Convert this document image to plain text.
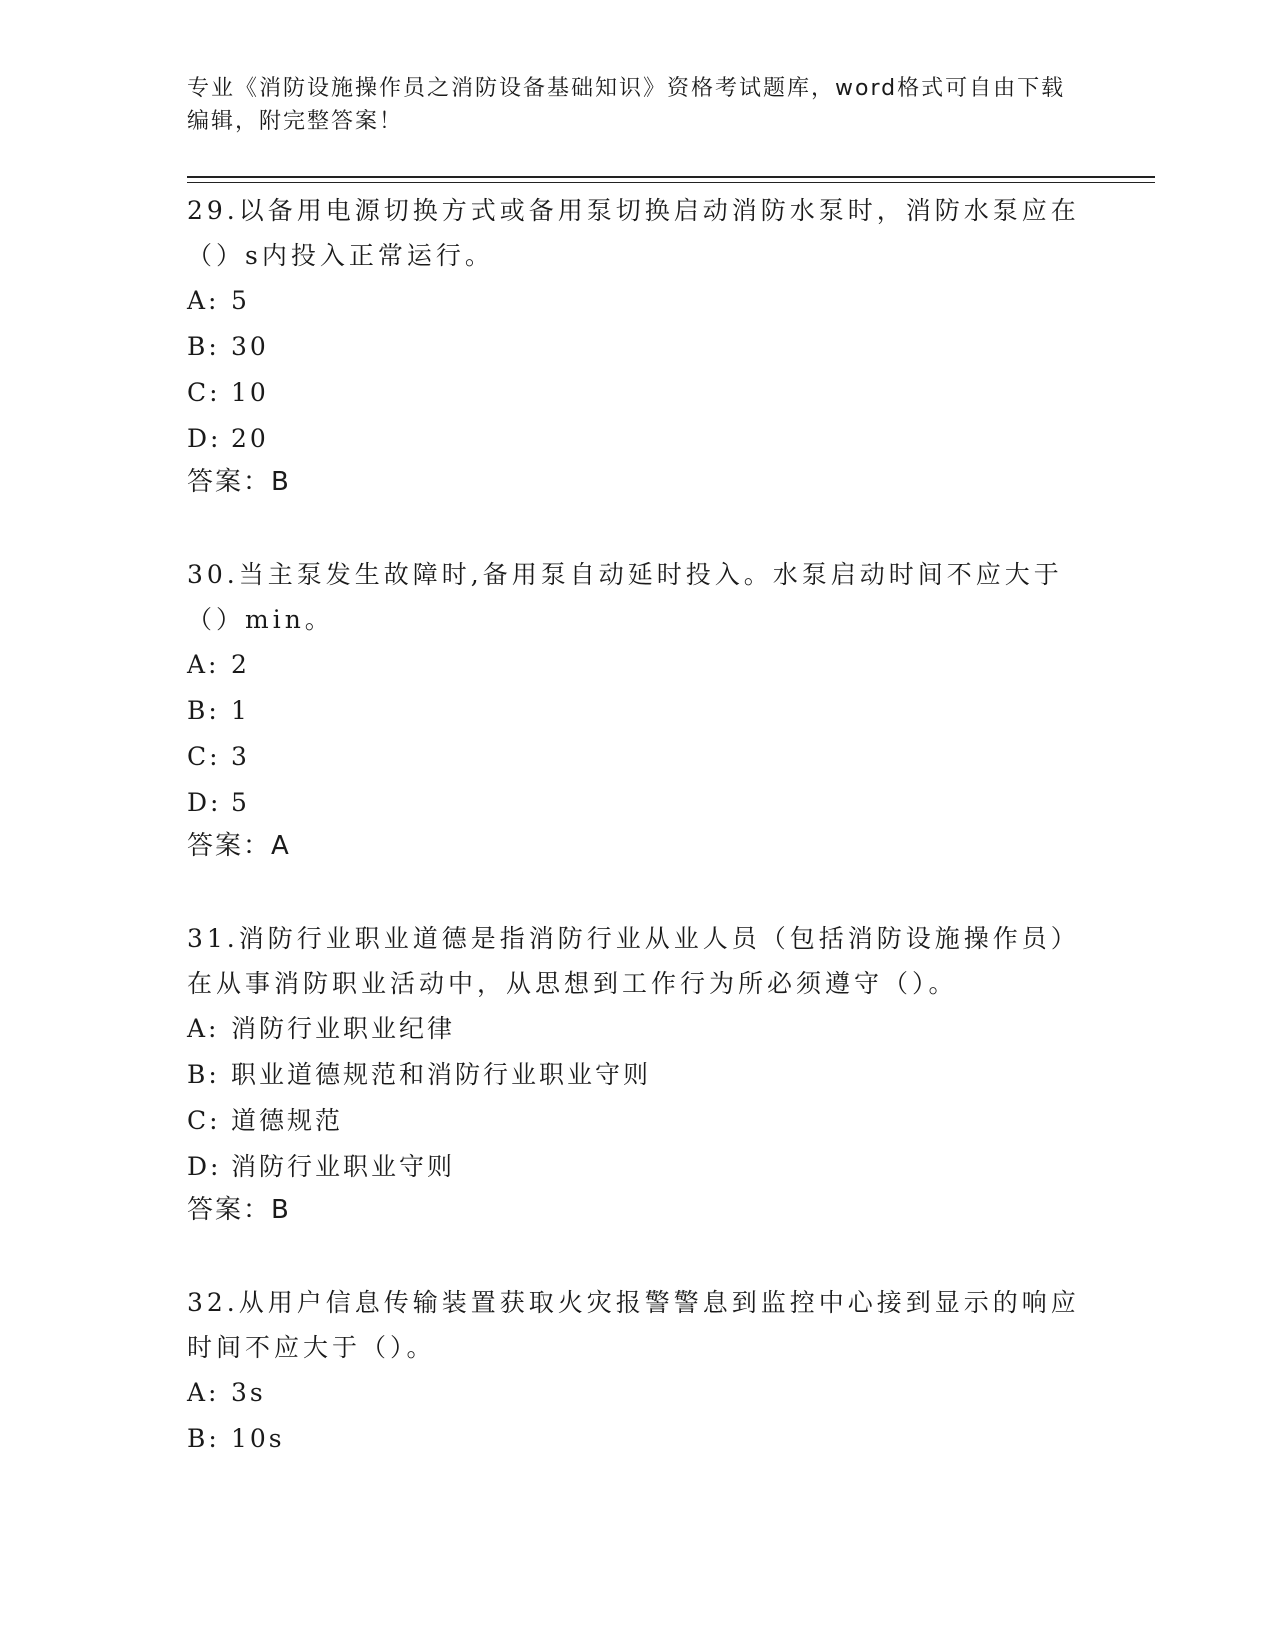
专业《消防设施操作员之消防设备基础知识》资格考试题库，word格式可自由下载编辑，附完整答案！

29.以备用电源切换方式或备用泵切换启动消防水泵时，消防水泵应在（）s内投入正常运行。

A: 5

B: 30

C: 10

D: 20

答案：B

30.当主泵发生故障时,备用泵自动延时投入。水泵启动时间不应大于（）min。

A: 2

B: 1

C: 3

D: 5

答案：A

31.消防行业职业道德是指消防行业从业人员（包括消防设施操作员）在从事消防职业活动中，从思想到工作行为所必须遵守（）。

A: 消防行业职业纪律

B: 职业道德规范和消防行业职业守则

C: 道德规范

D: 消防行业职业守则

答案：B

32.从用户信息传输装置获取火灾报警警息到监控中心接到显示的响应时间不应大于（）。

A: 3s

B: 10s
